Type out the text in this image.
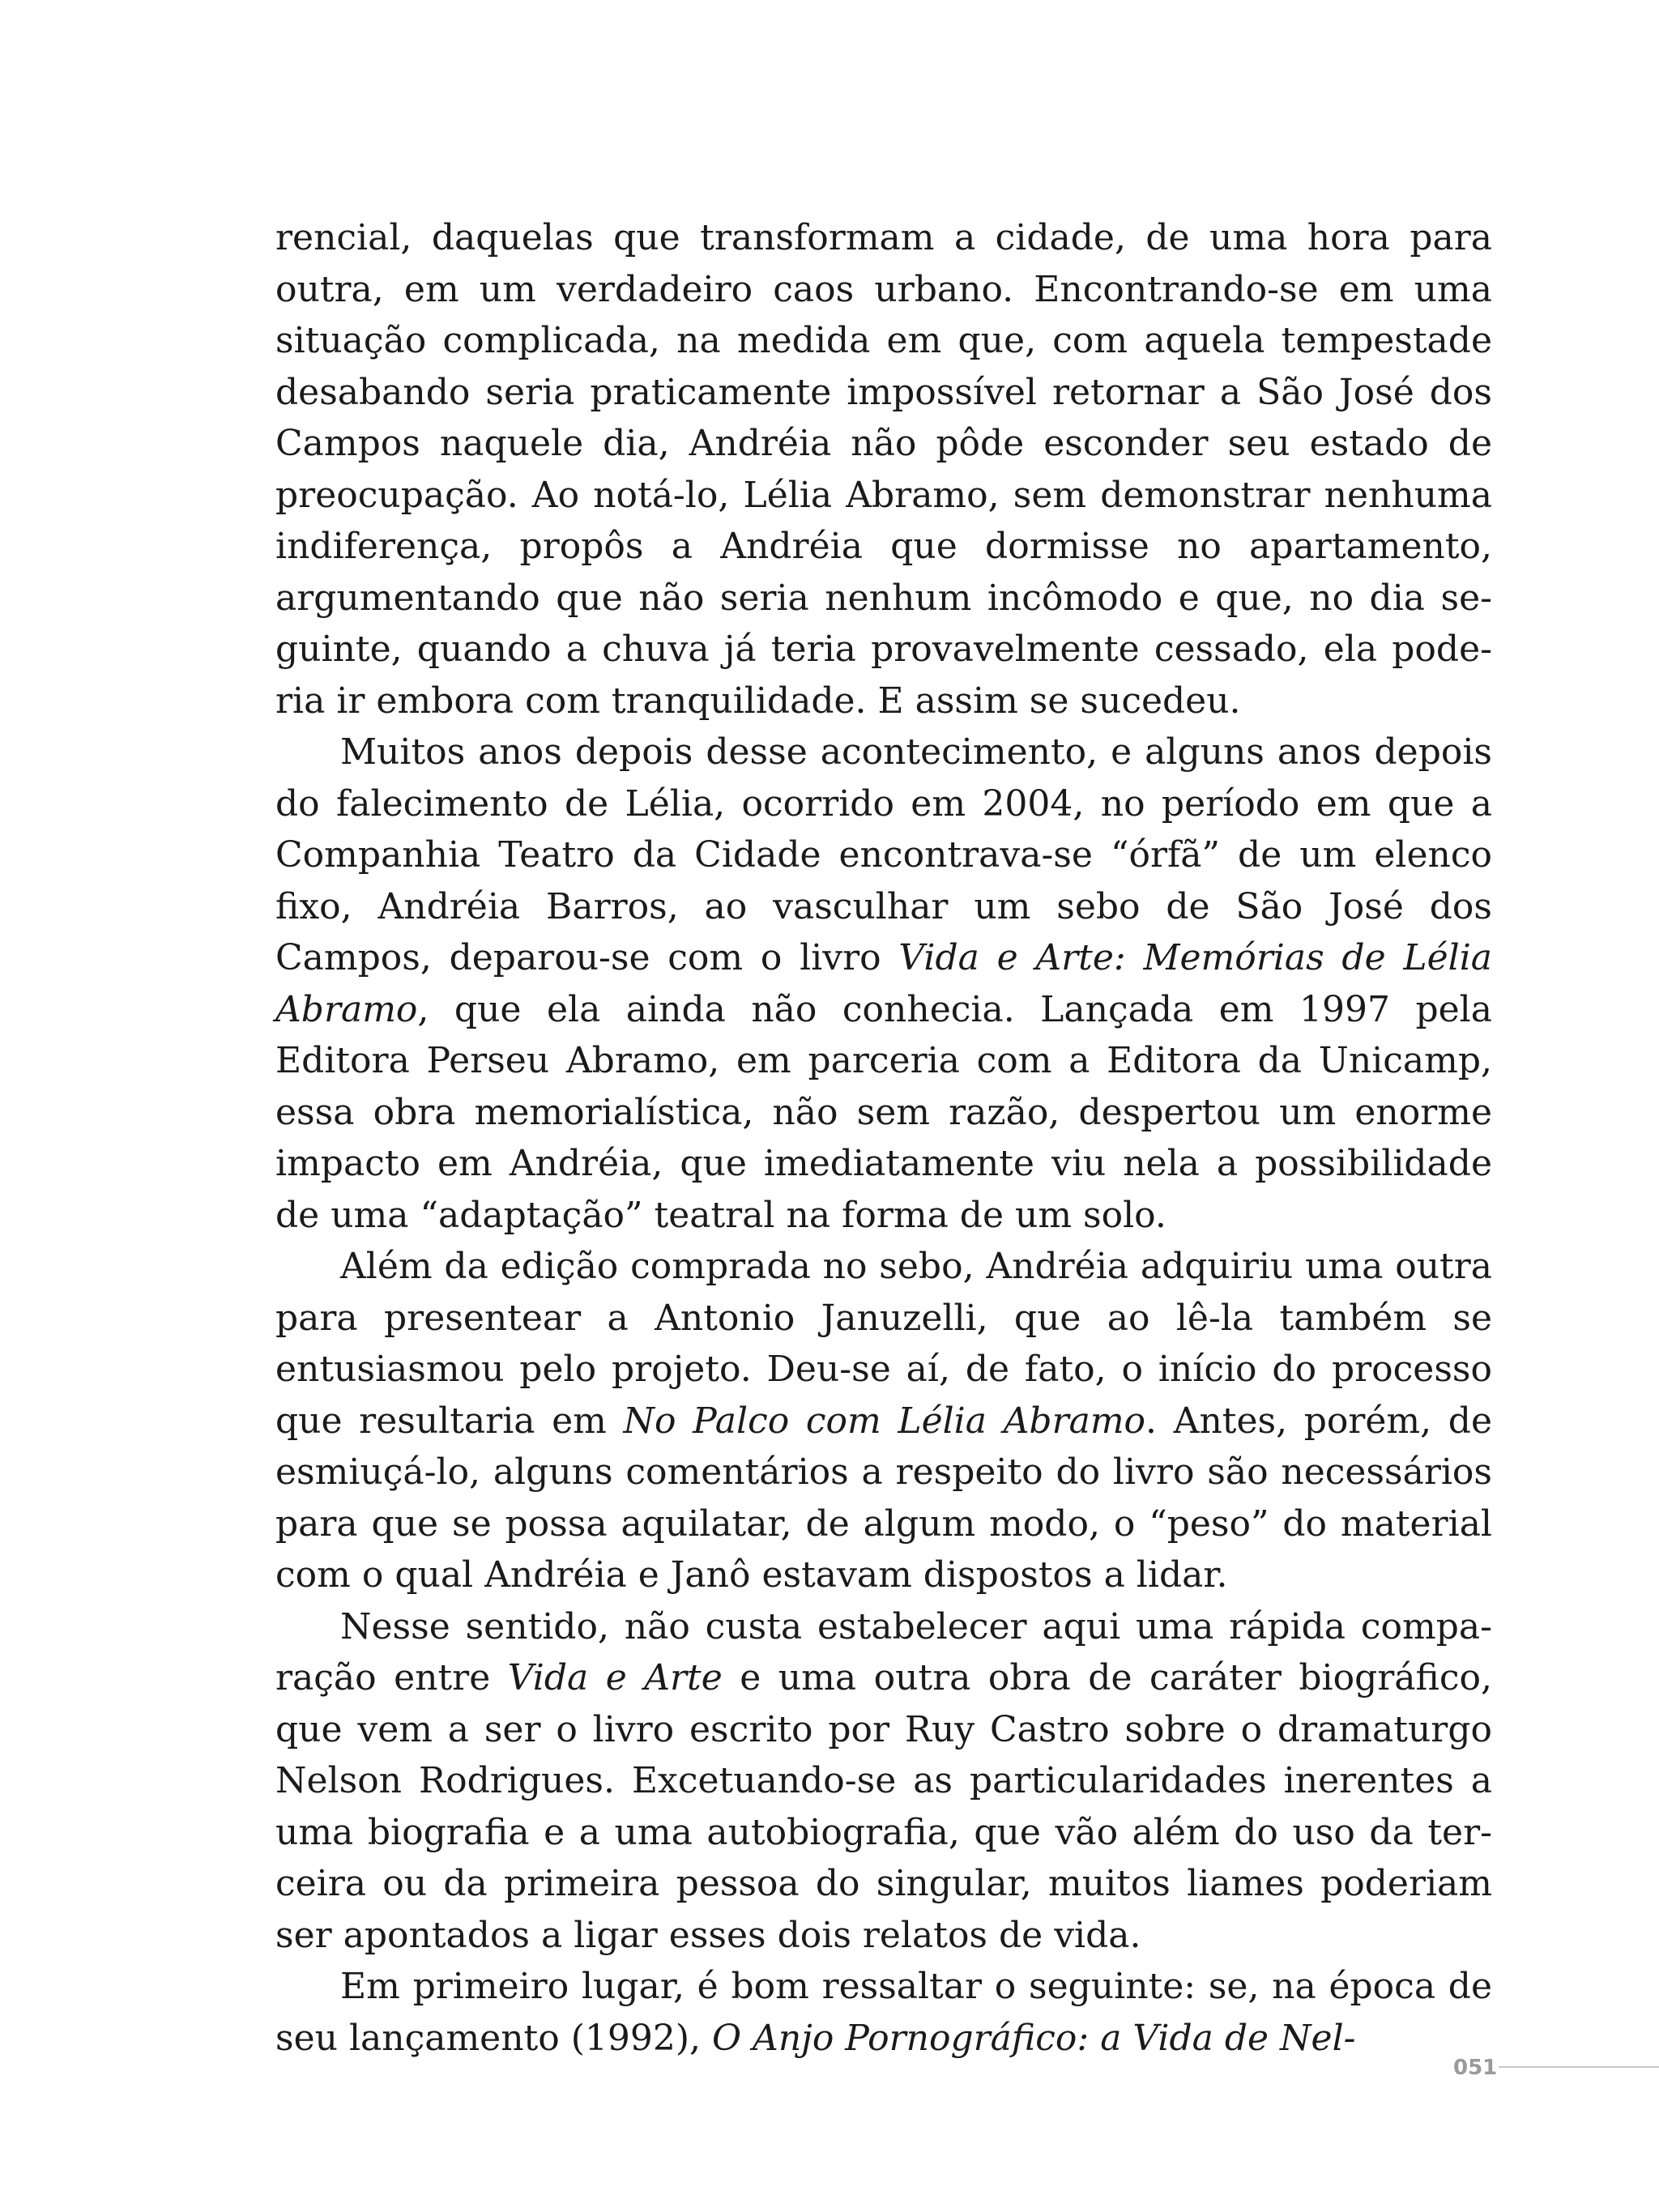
rencial, daquelas que transformam a cidade, de uma hora para outra, em um verdadeiro caos urbano. Encontrando-se em uma situação complicada, na medida em que, com aquela tempestade desabando seria praticamente impossível retornar a São José dos Campos naquele dia, Andréia não pôde esconder seu estado de preocupação. Ao notá-lo, Lélia Abramo, sem demonstrar nenhuma indiferença, propôs a Andréia que dormisse no apartamento, argumentando que não seria nenhum incômodo e que, no dia seguinte, quando a chuva já teria provavelmente cessado, ela poderia ir embora com tranquilidade. E assim se sucedeu.

Muitos anos depois desse acontecimento, e alguns anos depois do falecimento de Lélia, ocorrido em 2004, no período em que a Companhia Teatro da Cidade encontrava-se “órfã” de um elenco fixo, Andréia Barros, ao vasculhar um sebo de São José dos Campos, deparou-se com o livro Vida e Arte: Memórias de Lélia Abramo, que ela ainda não conhecia. Lançada em 1997 pela Editora Perseu Abramo, em parceria com a Editora da Unicamp, essa obra memorialística, não sem razão, despertou um enorme impacto em Andréia, que imediatamente viu nela a possibilidade de uma “adaptação” teatral na forma de um solo.

Além da edição comprada no sebo, Andréia adquiriu uma outra para presentear a Antonio Januzelli, que ao lê-la também se entusiasmou pelo projeto. Deu-se aí, de fato, o início do processo que resultaria em No Palco com Lélia Abramo. Antes, porém, de esmiuçá-lo, alguns comentários a respeito do livro são necessários para que se possa aquilatar, de algum modo, o “peso” do material com o qual Andréia e Janô estavam dispostos a lidar.

Nesse sentido, não custa estabelecer aqui uma rápida comparação entre Vida e Arte e uma outra obra de caráter biográfico, que vem a ser o livro escrito por Ruy Castro sobre o dramaturgo Nelson Rodrigues. Excetuando-se as particularidades inerentes a uma biografia e a uma autobiografia, que vão além do uso da terceira ou da primeira pessoa do singular, muitos liames poderiam ser apontados a ligar esses dois relatos de vida.

Em primeiro lugar, é bom ressaltar o seguinte: se, na época de seu lançamento (1992), O Anjo Pornográfico: a Vida de Nel-

051
